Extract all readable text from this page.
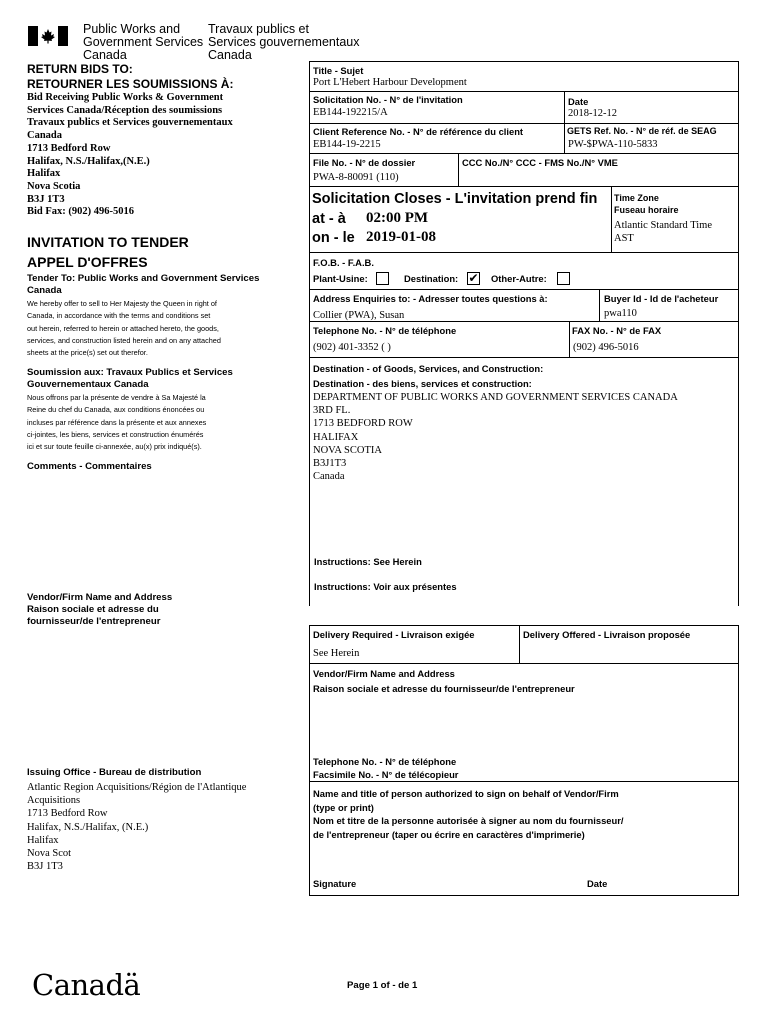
Public Works and
Government Services
Canada
Travaux publics et
Services gouvernementaux
Canada
RETURN BIDS TO:
RETOURNER LES SOUMISSIONS À:
Bid Receiving Public Works & Government
Services Canada/Réception des soumissions
Travaux publics et Services gouvernementaux
Canada
1713 Bedford Row
Halifax, N.S./Halifax,(N.E.)
Halifax
Nova Scotia
B3J 1T3
Bid Fax: (902) 496-5016
INVITATION TO TENDER
APPEL D'OFFRES
Tender To: Public Works and Government Services
Canada
We hereby offer to sell to Her Majesty the Queen in right of
Canada, in accordance with the terms and conditions set
out herein, referred to herein or attached hereto, the goods,
services, and construction listed herein and on any attached
sheets at the price(s) set out therefor.
Soumission aux: Travaux Publics et Services
Gouvernementaux Canada
Nous offrons par la présente de vendre à Sa Majesté la
Reine du chef du Canada, aux conditions énoncées ou
incluses par référence dans la présente et aux annexes
ci-jointes, les biens, services et construction énumérés
ici et sur toute feuille ci-annexée, au(x) prix indiqué(s).
Comments - Commentaires
Vendor/Firm Name and Address
Raison sociale et adresse du
fournisseur/de l'entrepreneur
Issuing Office - Bureau de distribution
Atlantic Region Acquisitions/Région de l'Atlantique
Acquisitions
1713 Bedford Row
Halifax, N.S./Halifax, (N.E.)
Halifax
Nova Scot
B3J 1T3
Title - Sujet
Port L'Hebert Harbour Development
Solicitation No. - N° de l'invitation
EB144-192215/A
Date
2018-12-12
Client Reference No. - N° de référence du client
EB144-19-2215
GETS Ref. No. - N° de réf. de SEAG
PW-$PWA-110-5833
File No. - N° de dossier
PWA-8-80091 (110)
CCC No./N° CCC - FMS No./N° VME
Solicitation Closes - L'invitation prend fin
at - à 02:00 PM
on - le 2019-01-08
Time Zone
Fuseau horaire
Atlantic Standard Time
AST
F.O.B. - F.A.B.
Plant-Usine:	Destination: ✔ Other-Autre:
Address Enquiries to: - Adresser toutes questions à:
Collier (PWA), Susan
Buyer Id - Id de l'acheteur
pwa110
Telephone No. - N° de téléphone
(902) 401-3352 ( )
FAX No. - N° de FAX
(902) 496-5016
Destination - of Goods, Services, and Construction:
Destination - des biens, services et construction:
DEPARTMENT OF PUBLIC WORKS AND GOVERNMENT SERVICES CANADA
3RD FL.
1713 BEDFORD ROW
HALIFAX
NOVA SCOTIA
B3J1T3
Canada
Instructions: See Herein
Instructions: Voir aux présentes
Delivery Required - Livraison exigée
See Herein
Delivery Offered - Livraison proposée
Vendor/Firm Name and Address
Raison sociale et adresse du fournisseur/de l'entrepreneur
Telephone No. - N° de téléphone
Facsimile No. - N° de télécopieur
Name and title of person authorized to sign on behalf of Vendor/Firm
(type or print)
Nom et titre de la personne autorisée à signer au nom du fournisseur/
de l'entrepreneur (taper ou écrire en caractères d'imprimerie)
Signature	Date
Canadä	Page 1 of - de 1
